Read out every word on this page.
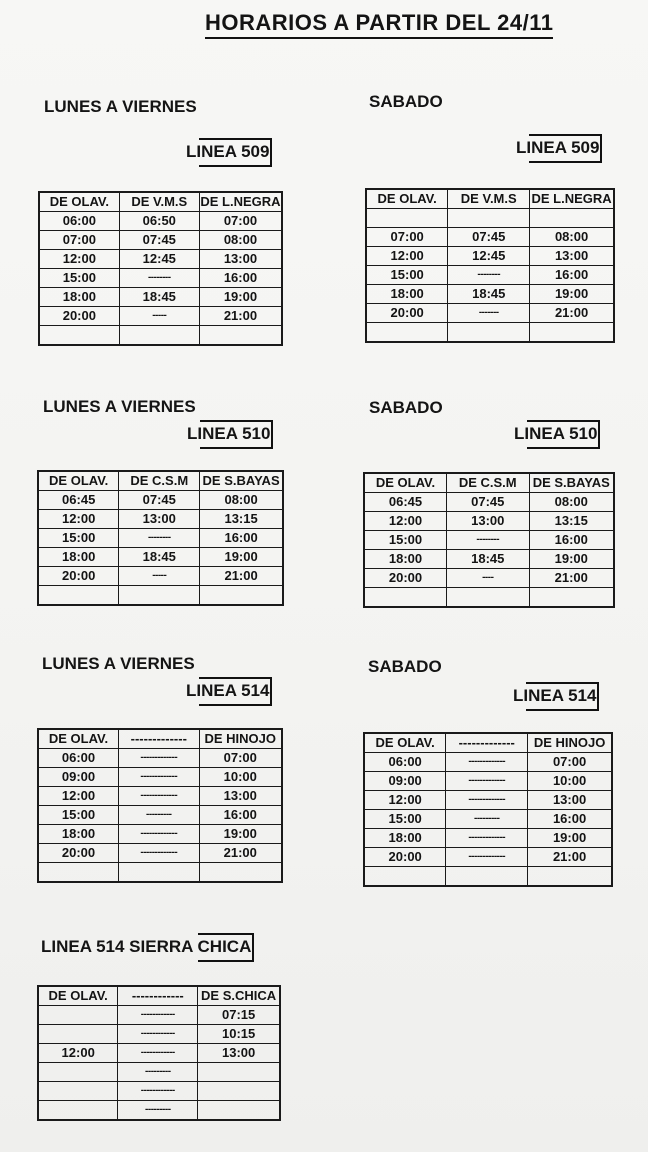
HORARIOS A PARTIR DEL 24/11
LUNES A VIERNES	SABADO
LINEA 509	LINEA 509
DE OLAV.	DE V.M.S	DE L.NEGRA
06:00	06:50	07:00
07:00	07:45	08:00
12:00	12:45	13:00
15:00	--------	16:00
18:00	18:45	19:00
20:00	-----	21:00

DE OLAV.	DE V.M.S	DE L.NEGRA

07:00	07:45	08:00
12:00	12:45	13:00
15:00	--------	16:00
18:00	18:45	19:00
20:00	-------	21:00

LUNES A VIERNES	SABADO
LINEA 510	LINEA 510
DE OLAV.	DE C.S.M	DE S.BAYAS
06:45	07:45	08:00
12:00	13:00	13:15
15:00	--------	16:00
18:00	18:45	19:00
20:00	-----	21:00

DE OLAV.	DE C.S.M	DE S.BAYAS
06:45	07:45	08:00
12:00	13:00	13:15
15:00	--------	16:00
18:00	18:45	19:00
20:00	----	21:00

LUNES A VIERNES	SABADO
LINEA 514	LINEA 514
DE OLAV.	-------------	DE HINOJO
06:00	-------------	07:00
09:00	-------------	10:00
12:00	-------------	13:00
15:00	---------	16:00
18:00	-------------	19:00
20:00	-------------	21:00

DE OLAV.	-------------	DE HINOJO
06:00	-------------	07:00
09:00	-------------	10:00
12:00	-------------	13:00
15:00	---------	16:00
18:00	-------------	19:00
20:00	-------------	21:00

LINEA 514 SIERRA CHICA
DE OLAV.	------------	DE S.CHICA
	------------	07:15
	------------	10:15
12:00	------------	13:00
	---------	
	------------	
	---------	
